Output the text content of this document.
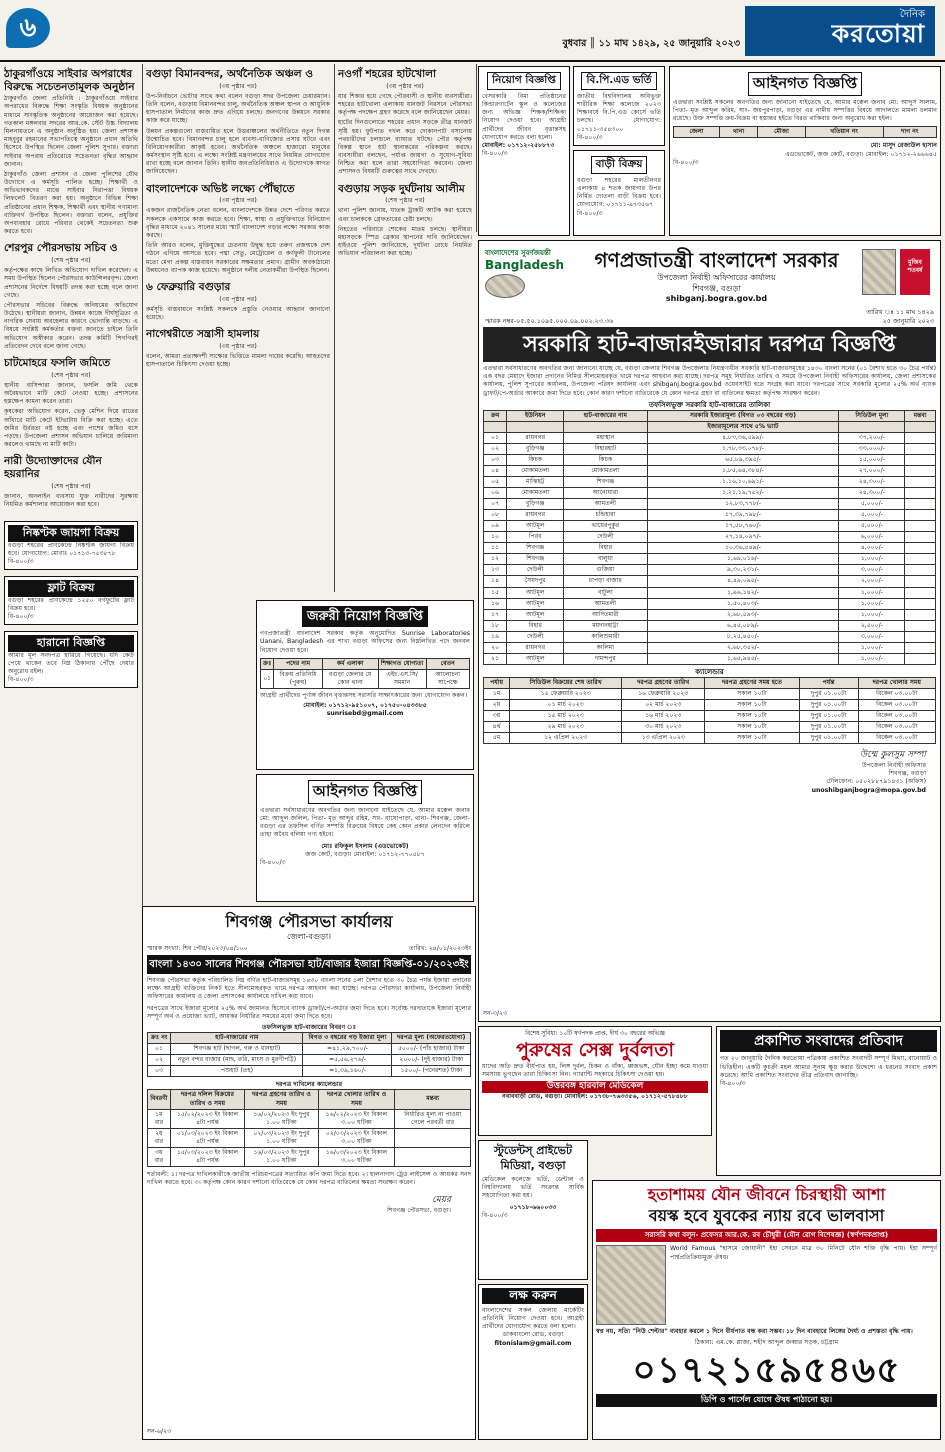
৬
বুধবার ║ ১১ মাঘ ১৪২৯, ২৫ জানুয়ারি ২০২৩
দৈনিক
করতোয়া
ঠাকুরগাঁওয়ে সাইবার অপরাধের বিরুদ্ধে সচেতনতামূলক অনুষ্ঠান
ঠাকুরগাঁও জেলা প্রতিনিধি : ঠাকুরগাঁওয়ে সাইবার অপরাধের বিরুদ্ধে শিক্ষা সংস্কৃতি বিষয়ক অনুষ্ঠানের মাধ্যমে সাংস্কৃতিক অনুষ্ঠানের আয়োজন করা হয়েছে। গতকাল মঙ্গলবার সদরের আর.কে. স্টেট উচ্চ বিদ্যালয় মিলনায়তনে এ অনুষ্ঠান অনুষ্ঠিত হয়। জেলা প্রশাসক মাহবুবুর রহমানের সভাপতিত্বে অনুষ্ঠানে প্রধান অতিথি হিসেবে উপস্থিত ছিলেন জেলা পুলিশ সুপার। বক্তারা সাইবার অপরাধ প্রতিরোধে সচেতনতা বৃদ্ধির আহ্বান জানান।
ঠাকুরগাঁও জেলা প্রশাসন ও জেলা পুলিশের যৌথ উদ্যোগে এ কর্মসূচি পালিত হচ্ছে। শিক্ষার্থী ও অভিভাবকদের মাঝে সাইবার নিরাপত্তা বিষয়ক লিফলেট বিতরণ করা হয়। অনুষ্ঠানে বিভিন্ন শিক্ষা প্রতিষ্ঠানের প্রধান শিক্ষক, শিক্ষার্থী এবং স্থানীয় গণ্যমান্য ব্যক্তিবর্গ উপস্থিত ছিলেন। বক্তারা বলেন, প্রযুক্তির অপব্যবহার রোধে পরিবার থেকেই সচেতনতা শুরু করতে হবে।
শেরপুর পৌরসভায় সচিব ও
(শেষ পৃষ্ঠার পর)
কর্তৃপক্ষের কাছে লিখিত অভিযোগ দাখিল করেছেন। এ সময় উপস্থিত ছিলেন পৌরসভার কাউন্সিলরবৃন্দ। জেলা প্রশাসনের নির্দেশে বিষয়টি তদন্ত করা হচ্ছে বলে জানা গেছে।
পৌরসভার সচিবের বিরুদ্ধে অনিয়মের অভিযোগ উঠেছে। স্থানীয়রা জানান, উন্নয়ন কাজে দীর্ঘসূত্রিতা ও নাগরিক সেবায় অবহেলার কারণে ভোগান্তি বাড়ছে। এ বিষয়ে সংশ্লিষ্ট কর্মকর্তার বক্তব্য জানতে চাইলে তিনি অভিযোগ অস্বীকার করেন। তদন্ত কমিটি শিগগিরই প্রতিবেদন দেবে বলে জানা গেছে।
চাটমোহরে ফসলি জমিতে
(শেষ পৃষ্ঠার পর)
স্থানীয় বাসিন্দারা জানান, ফসলি জমি থেকে অবৈধভাবে মাটি কেটে নেওয়া হচ্ছে। প্রশাসনের হস্তক্ষেপ কামনা করেন তারা।
কৃষকেরা অভিযোগ করেন, ভেকু মেশিন দিয়ে রাতের আঁধারে মাটি কেটে ইটভাটায় বিক্রি করা হচ্ছে। এতে জমির উর্বরতা নষ্ট হচ্ছে এবং পাশের জমিও ধসে পড়ছে। উপজেলা প্রশাসন অভিযান চালিয়ে জরিমানা করলেও থামছে না মাটি কাটা।
নারী উদ্যোক্তাদের যৌন হয়রানির
(শেষ পৃষ্ঠার পর)
জানান, অনলাইন ব্যবসায় যুক্ত নারীদের সুরক্ষায় নিয়মিত কর্মশালার আয়োজন করা হবে।
নিষ্কণ্টক জায়গা বিক্রয়
বগুড়া শহরের প্রাণকেন্দ্রে নিষ্কণ্টক জায়গা বিক্রয় হবে। যোগাযোগ: মোবাঃ ০১৭১৩-৭৫৩৮৭৮
বি-৪০০/৩
ফ্লাট বিক্রয়
বগুড়া শহরের প্রাণকেন্দ্রে ১২৫০ বর্গফুটের ফ্লাট বিক্রয় হবে।
বি-৪০০/৩
হারানো বিজ্ঞপ্তি
আমার মূল সনদপত্র হারিয়ে গিয়েছে। যদি কেউ পেয়ে থাকেন তবে নিম্ন ঠিকানায় পৌঁছে দেয়ার অনুরোধ রইল।
বি-৪০০/৩
বগুড়া বিমানবন্দর, অর্থনৈতিক অঞ্চল ও
(৩য় পৃষ্ঠার পর)
উপ-নির্বাচনে ভোটার সাথে কথা বলেন বগুড়া সদর উপজেলা চেয়ারম্যান। তিনি বলেন, বগুড়ায় বিমানবন্দর চালু, অর্থনৈতিক অঞ্চল স্থাপন ও আধুনিক হাসপাতাল নির্মাণের কাজ দ্রুত এগিয়ে চলছে। জনগণের উন্নয়নে সরকার কাজ করে যাচ্ছে।
উন্নয়ন প্রকল্পগুলো বাস্তবায়িত হলে উত্তরাঞ্চলের অর্থনীতিতে নতুন দিগন্ত উন্মোচিত হবে। বিমানবন্দর চালু হলে ব্যবসা-বাণিজ্যের প্রসার ঘটবে এবং বিনিয়োগকারীরা আকৃষ্ট হবেন। অর্থনৈতিক অঞ্চলে হাজারো মানুষের কর্মসংস্থান সৃষ্টি হবে। এ লক্ষ্যে সংশ্লিষ্ট মন্ত্রণালয়ের সাথে নিয়মিত যোগাযোগ রাখা হচ্ছে বলে জানান তিনি। স্থানীয় জনপ্রতিনিধিরাও এ উদ্যোগকে স্বাগত জানিয়েছেন।
বাংলাদেশকে অভিষ্ট লক্ষ্যে পৌঁছাতে
(৩য় পৃষ্ঠার পর)
একজন রাজনৈতিক নেতা বলেন, বাংলাদেশকে উন্নত দেশে পরিণত করতে সকলকে একসাথে কাজ করতে হবে। শিক্ষা, স্বাস্থ্য ও প্রযুক্তিখাতে বিনিয়োগ বৃদ্ধির মাধ্যমে ২০৪১ সালের মধ্যে স্মার্ট বাংলাদেশ গড়ার লক্ষ্যে সরকার কাজ করছে।
তিনি আরও বলেন, মুক্তিযুদ্ধের চেতনায় উদ্বুদ্ধ হয়ে তরুণ প্রজন্মকে দেশ গঠনে এগিয়ে আসতে হবে। পদ্মা সেতু, মেট্রোরেল ও কর্ণফুলী টানেলের মতো মেগা প্রকল্প বাস্তবায়ন সরকারের সক্ষমতার প্রমাণ। গ্রামীণ অবকাঠামো উন্নয়নেও ব্যাপক কাজ হয়েছে। অনুষ্ঠানে দলীয় নেতাকর্মীরা উপস্থিত ছিলেন।
৬ ফেব্রুয়ারি বগুড়ার
(৩য় পৃষ্ঠার পর)
কর্মসূচি বাস্তবায়নে সংশ্লিষ্ট সকলকে প্রস্তুতি নেওয়ার আহ্বান জানানো হয়েছে।
নাগেশ্বরীতে সন্ত্রাসী হামলায়
(৩য় পৃষ্ঠার পর)
বলেন, আমরা প্রত্যক্ষদর্শী সাক্ষ্যের ভিত্তিতে মামলা দায়ের করেছি। আহতদের হাসপাতালে চিকিৎসা দেওয়া হচ্ছে।
নওগাঁ শহরের হাটখোলা
(৩য় পৃষ্ঠার পর)
যার শিকার হয়ে গেছে পৌরবাসী ও স্থানীয় ব্যবসায়ীরা। শহরের হাটখোলা এলাকায় যানজট নিরসনে পৌরসভা কর্তৃপক্ষ পদক্ষেপ গ্রহণ করেছে বলে জানিয়েছেন মেয়র।
হাটের দিনগুলোতে শহরের প্রধান সড়কে তীব্র যানজট সৃষ্টি হয়। ফুটপাত দখল করে দোকানপাট বসানোয় পথচারীদের চলাচলে ব্যাঘাত ঘটছে। পৌর কর্তৃপক্ষ বিকল্প স্থানে হাট স্থানান্তরের পরিকল্পনা করছে। ব্যবসায়ীরা বলছেন, পর্যাপ্ত জায়গা ও সুযোগ-সুবিধা নিশ্চিত করা হলে তারা সহযোগিতা করবেন। জেলা প্রশাসনও বিষয়টি গুরুত্বের সাথে দেখছে।
বগুড়ায় সড়ক দুর্ঘটনায় আলীম
(শেষ পৃষ্ঠার পর)
থানা পুলিশ জানায়, ঘাতক ট্রাকটি আটক করা হয়েছে এবং চালককে গ্রেফতারের চেষ্টা চলছে।
নিহতের পরিবারে শোকের মাতম চলছে। স্থানীয়রা মহাসড়কে স্পিড ব্রেকার স্থাপনের দাবি জানিয়েছেন। হাইওয়ে পুলিশ জানিয়েছে, দুর্ঘটনা রোধে নিয়মিত অভিযান পরিচালনা করা হচ্ছে।
জরুরী নিয়োগ বিজ্ঞপ্তি
গণপ্রজাতন্ত্রী বাংলাদেশ সরকার কর্তৃক অনুমোদিত Sunrise Laboratories Uanani, Bangladesh এর শাখা বগুড়া অফিসের জন্য নিম্নলিখিত পদে জনবল নিয়োগ দেওয়া হবে।
ক্রঃ	পদের নাম	কর্ম এলাকা	শিক্ষাগত যোগ্যতা	বেতন
০১	বিক্রয় প্রতিনিধি (পুরুষ)	বগুড়া জেলার যে কোন থানা	এইচ.এস.সি/ সমমান	আলোচনা সাপেক্ষে
আগ্রহী প্রার্থীদের পূর্ণাঙ্গ জীবন বৃত্তান্তসহ সরাসরি সাক্ষাৎকারের জন্য যোগাযোগ করুন।
মোবাইল: ০১৭১২-৯৫১০০৭, ০১৭৫০-০৪৩৩৮৫
sunrisebd@gmail.com
আইনগত বিজ্ঞপ্তি
এতদ্বারা সর্বসাধারণের অবগতির জন্য জানানো যাইতেছে যে, আমার মক্কেল জনাব মো: আব্দুল জলিল, পিতা- মৃত আব্দুর রহিম, সাং- বাঘোপাড়া, থানা- শিবগঞ্জ, জেলা- বগুড়া এর তফসিল বর্ণিত সম্পত্তি বিক্রয়ের বিষয়ে কেহ কোন প্রকার লেনদেন করিলে তাহা অবৈধ বলিয়া গণ্য হইবে।
মোঃ রফিকুল ইসলাম (এডভোকেট)
জজ কোর্ট, বগুড়া। মোবাইল: ০১৭১২-৭৭০৫৮৭
বি-৪০০/৩
নিয়োগ বিজ্ঞপ্তি
বেসরকারি বিমা প্রতিষ্ঠানের কিন্ডারগার্টেন স্কুল ও কলেজের জন্য অভিজ্ঞ শিক্ষক/শিক্ষিকা নিয়োগ দেওয়া হবে। আগ্রহী প্রার্থীদের জীবন বৃত্তান্তসহ যোগাযোগ করতে বলা হলো।
মোবাইল: ০১৭১২-২৫৮৮৭৩
বি-৪০০/৩
বি.পি.এড ভর্তি
জাতীয় বিশ্ববিদ্যালয় অধিভুক্ত শারীরিক শিক্ষা কলেজে ২০২৩ শিক্ষাবর্ষে বি.পি.এড কোর্সে ভর্তি চলছে। যোগাযোগ: ০১৭১১-৩৫৪৩০০
বি-৪০০/৩
বাড়ী বিক্রয়
বগুড়া শহরের মালতীনগর এলাকায় ৪ শতক জায়গার উপর নির্মিত দোতলা বাড়ী বিক্রয় হবে। যোগাযোগ: ০১৭১১-৯৭৩৫৬৭
বি-৪০০/৩
আইনগত বিজ্ঞপ্তি
এতদ্বারা সংশ্লিষ্ট সকলের অবগতির জন্য জানানো যাইতেছে যে, আমার মক্কেল জনাব মো: আব্দুস সালাম, পিতা- মৃত আব্দুল করিম, সাং- জয়পুরপাড়া, বগুড়া এর নামীয় সম্পত্তির বিষয়ে আদালতে মামলা চলমান রয়েছে। উক্ত সম্পত্তি ক্রয়-বিক্রয় বা হস্তান্তর হইতে বিরত থাকিবার জন্য অনুরোধ করা হইল।
জেলা	থানা	মৌজা	খতিয়ান নং	দাগ নং
মো: মাসুদ রেজাউল হাসান
এডভোকেট, জজ কোর্ট, বগুড়া। মোবাইল: ০১৭১২-২৬৬৬৪৫
বি-৪০০/৩
বাংলাদেশের সুবর্ণজয়ন্তী
Bangladesh	গণপ্রজাতন্ত্রী বাংলাদেশ সরকার
উপজেলা নির্বাহী অফিসারের কার্যালয়
শিবগঞ্জ, বগুড়া
shibganj.bogra.gov.bd
মুজিব শতবর্ষ
স্মারক নম্বর-০৫.৫০.১০৯৫.০০০.০৯.০০২.২৩.৩৬
তারিখ ঃ ১১ মাঘ ১৪২৯
২৫ জানুয়ারি ২০২৩
সরকারি হাট-বাজারইজারার দরপত্র বিজ্ঞপ্তি
এতদ্বারা সর্বসাধারণের অবগতির জন্য জানানো যাচ্ছে যে, বগুড়া জেলার শিবগঞ্জ উপজেলার নিয়ন্ত্রণাধীন সরকারি হাট-বাজারসমূহের ১৪৩০ বাংলা সনের (০১ বৈশাখ হতে ৩০ চৈত্র পর্যন্ত) এক বছর মেয়াদে ইজারা প্রদানের নিমিত্ত সীলমোহরকৃত খামে দরপত্র আহবান করা যাচ্ছে। দরপত্র সমূহ নির্ধারিত তারিখ ও সময়ে উপজেলা নির্বাহী অফিসারের কার্যালয়, জেলা প্রশাসকের কার্যালয়, পুলিশ সুপারের কার্যালয়, উপজেলা পরিষদ কার্যালয় এবং shibganj.bogra.gov.bd ওয়েবসাইট হতে সংগ্রহ করা যাবে। দরপত্রের সাথে সরকারি মূল্যের ২৫% অর্থ ব্যাংক ড্রাফট/পে-অর্ডার আকারে জমা দিতে হবে। কোন কারণ দর্শানো ব্যতিরেকে যে কোন দরপত্র গ্রহণ বা বাতিলের ক্ষমতা কর্তৃপক্ষ সংরক্ষণ করেন।
তফসিলভুক্ত সরকারি হাট-বাজারের তালিকা
ক্রম	ইউনিয়ন	হাট-বাজারের নাম	সরকারি ইজারামূল্য (বিগত ০৩ বছরের গড়)	সিডিউল মূল্য	মন্তব্য
			ইজারামূল্যের সাথে ৫% ভ্যাট		
০১	রায়নগর	মহাস্থান	৪,৮৩,৩৬,৫৯৯/-	৩৭,২০০/-	
০২	বুড়িগঞ্জ	বিহারহাট	১,৭৮,৩৩,০৭৮/-	৩৩,০০০/-	
০৩	কিচক	কিচক	৬৫,৮৯,৩৯৫/-	১৫,০০০/-	
০৪	মোকামতলা	মোকামতলা	১,৮৫,৬৪,৩৮৪/-	২৭,০০০/-	
০৫	মাঝিহট্ট	শিবগঞ্জ	১,১৬,১০,৬৯১/-	২৪,৩০০/-	
০৬	মোকামতলা	আনোয়ারা	১,২১,১৯,৭৫২/-	২৪,৩০০/-	
০৭	বুড়িগঞ্জ	আমতলী	১২,৮৩,৭৭৮/-	৫,০০০/-	
০৮	রায়নগর	চন্ডিহারা	১৭,৩৯,৭৯৮/-	৫,০০০/-	
০৯	আটমূল	ভায়েরপুকুর	১৭,৫৮,৭৬০/-	৫,০০০/-	
১০	পিরব	দেউলী	২৭,১৪,০৯৭/-	৬,০০০/-	
১১	শিবগঞ্জ	বিহার	১০,৩৬,৫৪৯/-	৪,০০০/-	
১২	শিবগঞ্জ	বালুয়া	১,৬৯,০১৬/-	১,০০০/-	
১৩	দেউলী	গুজিয়া	৯,৩০,২৩১/-	৩,০০০/-	
১৪	সৈয়দপুর	চাপড়া বাজার	৪,৪৯,০৯৫/-	২,০০০/-	
১৫	আটমূল	বাটুলা	১,৯৬,১৪২/-	১,০০০/-	
১৬	আটমূল	আমতলী	১,৫০,৪০৩/-	১,০০০/-	
১৭	আটমূল	আদিতমারী	২,৬৮,৫৯৩/-	১,০০০/-	
১৮	বিহার	ময়দানহাট্টা	৬,৪৫,০৮৯/-	২,৫০০/-	
১৯	দেউলী	কালিশুমারী	৮,২৫,৪৫০/-	৩,০০০/-	
২০	রায়নগর	কালিমা	২,৬৮,৩৫২/-	১,০০০/-	
২১	আটমূল	দামন্দপুর	১,৬৫,৯৪৫/-	১,০০০/-	
ক্যালেন্ডার
পর্যায়	সিডিউল বিক্রয়ের শেষ তারিখ	দরপত্র গ্রহণের তারিখ	দরপত্র গ্রহণের সময় হতে	পর্যন্ত	দরপত্র খোলার সময়
১ম	১৫ ফেব্রুয়ারি ২০২৩	১৬ ফেব্রুয়ারি ২০২৩	সকাল ১০টা	দুপুর ০১.০০টা	বিকেল ০৩.০০টা
২য়	০১ মার্চ ২০২৩	০২ মার্চ ২০২৩	সকাল ১০টা	দুপুর ০১.০০টা	বিকেল ০৩.০০টা
৩য়	১৫ মার্চ ২০২৩	১৬ মার্চ ২০২৩	সকাল ১০টা	দুপুর ০১.০০টা	বিকেল ০৩.০০টা
৪র্থ	২৯ মার্চ ২০২৩	৩০ মার্চ ২০২৩	সকাল ১০টা	দুপুর ০১.০০টা	বিকেল ০৩.০০টা
৫ম	১২ এপ্রিল ২০২৩	১৩ এপ্রিল ২০২৩	সকাল ১০টা	দুপুর ০১.০০টা	বিকেল ০৩.০০টা
উম্মে কুলসুম সম্পা
উপজেলা নির্বাহী অফিসার
শিবগঞ্জ, বগুড়া
টেলিফোন: ০৫০২৮৮৭৯১৪৩১ (অফিস)
unoshibganjbogra@mopa.gov.bd
সন-৩/২৩
শিবগঞ্জ পৌরসভা কার্যালয়
জেলা-বগুড়া।
স্মারক সংখ্যা: শিব পৌর/২০২৩/০৪/১০০	তারিখ: ২৪/০১/২০২৩ইং
বাংলা ১৪৩০ সালের শিবগঞ্জ পৌরসভা হাট/বাজার ইজারা বিজ্ঞপ্তি-০১/২০২৩ইং
শিবগঞ্জ পৌরসভা কর্তৃক পরিচালিত নিম্ন বর্ণিত হাট-বাজারসমূহ ১৪৩০ বাংলা সনের ১লা বৈশাখ হতে ৩০ চৈত্র পর্যন্ত ইজারা প্রদানের লক্ষ্যে আগ্রহী ব্যক্তিদের নিকট হতে সীলমোহরকৃত খামে দরপত্র আহবান করা যাচ্ছে। দরপত্র পৌরসভা কার্যালয়, উপজেলা নির্বাহী অফিসারের কার্যালয় ও জেলা প্রশাসকের কার্যালয়ে দাখিল করা যাবে।
দরপত্রের সাথে ইজারা মূল্যের ২৫% অর্থ জামানত হিসেবে ব্যাংক ড্রাফট/পে-অর্ডার জমা দিতে হবে। সর্বোচ্চ দরদাতাকে ইজারা মূল্যের সম্পূর্ণ অর্থ ও প্রযোজ্য ভ্যাট, আয়কর নির্ধারিত সময়ের মধ্যে জমা দিতে হবে।
তফসিলভুক্ত হাট-বাজারের বিবরণ ঃ
ক্রঃ নং	হাট-বাজারের নাম	বিগত ৩ বছরের গড় ইজারা মূল্য	দরপত্র মূল্য (অফেরতযোগ্য)
০১	শিবগঞ্জ হাট (ছাগল, গরু ও ধানহাট)	=৪১,২৯,৭০০/-	৫০০০/- (পাঁচ হাজার) টাকা
০২	নতুন বন্দর বাজার (মাছ, তরি, মাংস ও মুরগীপট্টি)	=৫,৫৬,২৭৬/-	২০০০/- (দুই হাজার) টাকা
০৩	পশুহাট (তহ)	=১,৩৯,১৬০/-	১৫০০/- (পনেরশত) টাকা
দরপত্র দাখিলের ক্যালেন্ডার
বিবরণী	দরপত্র দলিল বিক্রয়ের তারিখ ও সময়	দরপত্র গ্রহণের তারিখ ও সময়	দরপত্র খোলার তারিখ ও সময়	মন্তব্য
১ম বার	১৫/০২/২০২৩ ইং বিকাল ৪টা পর্যন্ত	১৬/০২/২০২৩ ইং দুপুর ১.০০ ঘটিকা	১৬/০২/২০২৩ ইং বিকাল ৩.০০ ঘটিকা	নির্ধারিত মূল্য না পাওয়া গেলে পরবর্তী বার
২য় বার	০১/০৩/২০২৩ ইং বিকাল ৪টা পর্যন্ত	০২/০৩/২০২৩ ইং দুপুর ১.০০ ঘটিকা	০২/০৩/২০২৩ ইং বিকাল ৩.০০ ঘটিকা	
৩য় বার	১৫/০৩/২০২৩ ইং বিকাল ৪টা পর্যন্ত	১৬/০৩/২০২৩ ইং দুপুর ১.০০ ঘটিকা	১৬/০৩/২০২৩ ইং বিকাল ৩.০০ ঘটিকা	
শর্তাবলী: ১। দরপত্র দাখিলকারীকে জাতীয় পরিচয়পত্রের সত্যায়িত কপি জমা দিতে হবে। ২। হালনাগাদ ট্রেড লাইসেন্স ও আয়কর সনদ দাখিল করতে হবে। ৩। কর্তৃপক্ষ কোন কারণ দর্শানো ব্যতিরেকে যে কোন দরপত্র বাতিলের ক্ষমতা সংরক্ষণ করেন।
মেয়র
শিবগঞ্জ পৌরসভা, বগুড়া।
সন-৬/২৩
বিশেষ সুবিধা: ১০টি স্বর্ণপদক প্রাপ্ত, দীর্ঘ ৩০ বছরের অভিজ্ঞ
পুরুষের সেক্স দুর্বলতা
যাদের অতি দ্রুত বীর্যপাত হয়, লিঙ্গ দুর্বল, চিকন ও বাঁকা, ধ্বজভঙ্গ, যৌন ইচ্ছা কমে যাওয়া সমস্যায় ভুগছেন তারা চিকিৎসা নিন। গ্যারান্টি সহকারে চিকিৎসা দেওয়া হয়।
উত্তরবঙ্গ হারবাল মেডিকেল
নবাববাড়ী রোড, বগুড়া। মোবাইল: ০১৭৩৮-৭৬৩৩৫৬, ০১৭১২-৫৭৮৪৮৮
প্রকাশিত সংবাদের প্রতিবাদ
গত ২০ জানুয়ারি দৈনিক করতোয়া পত্রিকায় প্রকাশিত সংবাদটি সম্পূর্ণ মিথ্যা, বানোয়াট ও ভিত্তিহীন। একটি কুচক্রী মহল আমার সুনাম ক্ষুণ্ণ করার উদ্দেশ্যে এ ধরনের সংবাদ প্রকাশ করেছে। আমি প্রকাশিত সংবাদের তীব্র প্রতিবাদ জানাচ্ছি।
বি-৪০০/৩
স্টুডেন্টস্ প্রাইভেট মিডিয়া, বগুড়া
মেডিকেল কলেজে ভর্তি, ডেন্টাল ও বিশ্ববিদ্যালয় ভর্তি সংক্রান্ত সার্বিক সহযোগিতা করা হয়।
০১৭১৮-৬৬০০৩৩
বি-৪০০/৩
লক্ষ করুন
বাংলাদেশের সকল জেলায় মার্কেটিং প্রতিনিধি নিয়োগ দেওয়া হবে। আগ্রহী প্রার্থীদের যোগাযোগ করতে বলা হলো।
ডাকবাংলো রোড, বগুড়া
fitonislam@gmail.com
হতাশাময় যৌন জীবনে চিরস্থায়ী আশা
বয়স্ক হবে যুবকের ন্যায় রবে ভালবাসা
সরাসরি কথা বলুন- প্রফেসর আর.কে. রব চৌধুরী (যৌন রোগ বিশেষজ্ঞ) (স্বর্ণপদকপ্রাপ্ত)
World Famous "হাসমে জোয়ানী" ইহা সেবনে মাত্র ৩০ মিনিটে যৌন শক্তি বৃদ্ধি পায়। ইহা সম্পূর্ণ পার্শ্বপ্রতিক্রিয়ামুক্ত ঔষধ।
স্বপ্ন নয়, সত্যি "নিউ শেল্টার" ব্যবহার করলে ১ দিনে বীর্যপাত বন্ধ করা সম্ভব। ১৮ দিন ব্যবহারে লিঙ্গের দৈর্ঘ্য ও প্রশস্ততা বৃদ্ধি পায়।
ঠিকানা: এম.কে. প্লাজা, শহীদ আব্দুল জব্বার সড়ক, চট্টগ্রাম
০১৭২১৫৯৫৪৬৫
ডিপি ও পার্সেল যোগে ঔষধ পাঠানো হয়।
